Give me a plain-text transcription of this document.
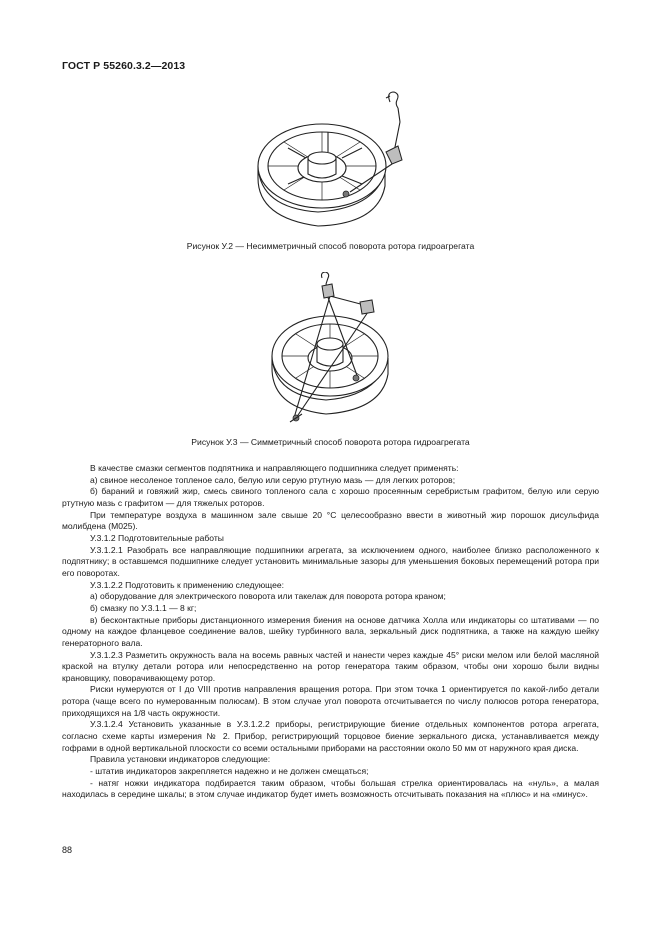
ГОСТ Р 55260.3.2—2013
Рисунок У.2 — Несимметричный способ поворота ротора гидроагрегата
Рисунок У.3 — Симметричный способ поворота ротора гидроагрегата

В качестве смазки сегментов подпятника и направляющего подшипника следует применять:

а) свиное несоленое топленое сало, белую или серую ртутную мазь — для легких роторов;

б) бараний и говяжий жир, смесь свиного топленого сала с хорошо просеянным серебристым графитом, белую или серую ртутную мазь с графитом — для тяжелых роторов.

При температуре воздуха в машинном зале свыше 20 °С целесообразно ввести в животный жир порошок дисульфида молибдена (М025).

У.3.1.2 Подготовительные работы

У.3.1.2.1 Разобрать все направляющие подшипники агрегата, за исключением одного, наиболее близко расположенного к подпятнику; в оставшемся подшипнике следует установить минимальные зазоры для уменьшения боковых перемещений ротора при его поворотах.

У.3.1.2.2 Подготовить к применению следующее:

а) оборудование для электрического поворота или такелаж для поворота ротора краном;

б) смазку по У.3.1.1 — 8 кг;

в) бесконтактные приборы дистанционного измерения биения на основе датчика Холла или индикаторы со штативами — по одному на каждое фланцевое соединение валов, шейку турбинного вала, зеркальный диск подпятника, а также на каждую шейку генераторного вала.

У.3.1.2.3 Разметить окружность вала на восемь равных частей и нанести через каждые 45° риски мелом или белой масляной краской на втулку детали ротора или непосредственно на ротор генератора таким образом, чтобы они хорошо были видны крановщику, поворачивающему ротор.

Риски нумеруются от I до VIII против направления вращения ротора. При этом точка 1 ориентируется по какой-либо детали ротора (чаще всего по нумерованным полюсам). В этом случае угол поворота отсчитывается по числу полюсов ротора генератора, приходящихся на 1/8 часть окружности.

У.3.1.2.4 Установить указанные в У.3.1.2.2 приборы, регистрирующие биение отдельных компонентов ротора агрегата, согласно схеме карты измерения № 2. Прибор, регистрирующий торцовое биение зеркального диска, устанавливается между гофрами в одной вертикальной плоскости со всеми остальными приборами на расстоянии около 50 мм от наружного края диска.

Правила установки индикаторов следующие:

- штатив индикаторов закрепляется надежно и не должен смещаться;

- натяг ножки индикатора подбирается таким образом, чтобы большая стрелка ориентировалась на «нуль», а малая находилась в середине шкалы; в этом случае индикатор будет иметь возможность отсчитывать показания на «плюс» и на «минус».

88
